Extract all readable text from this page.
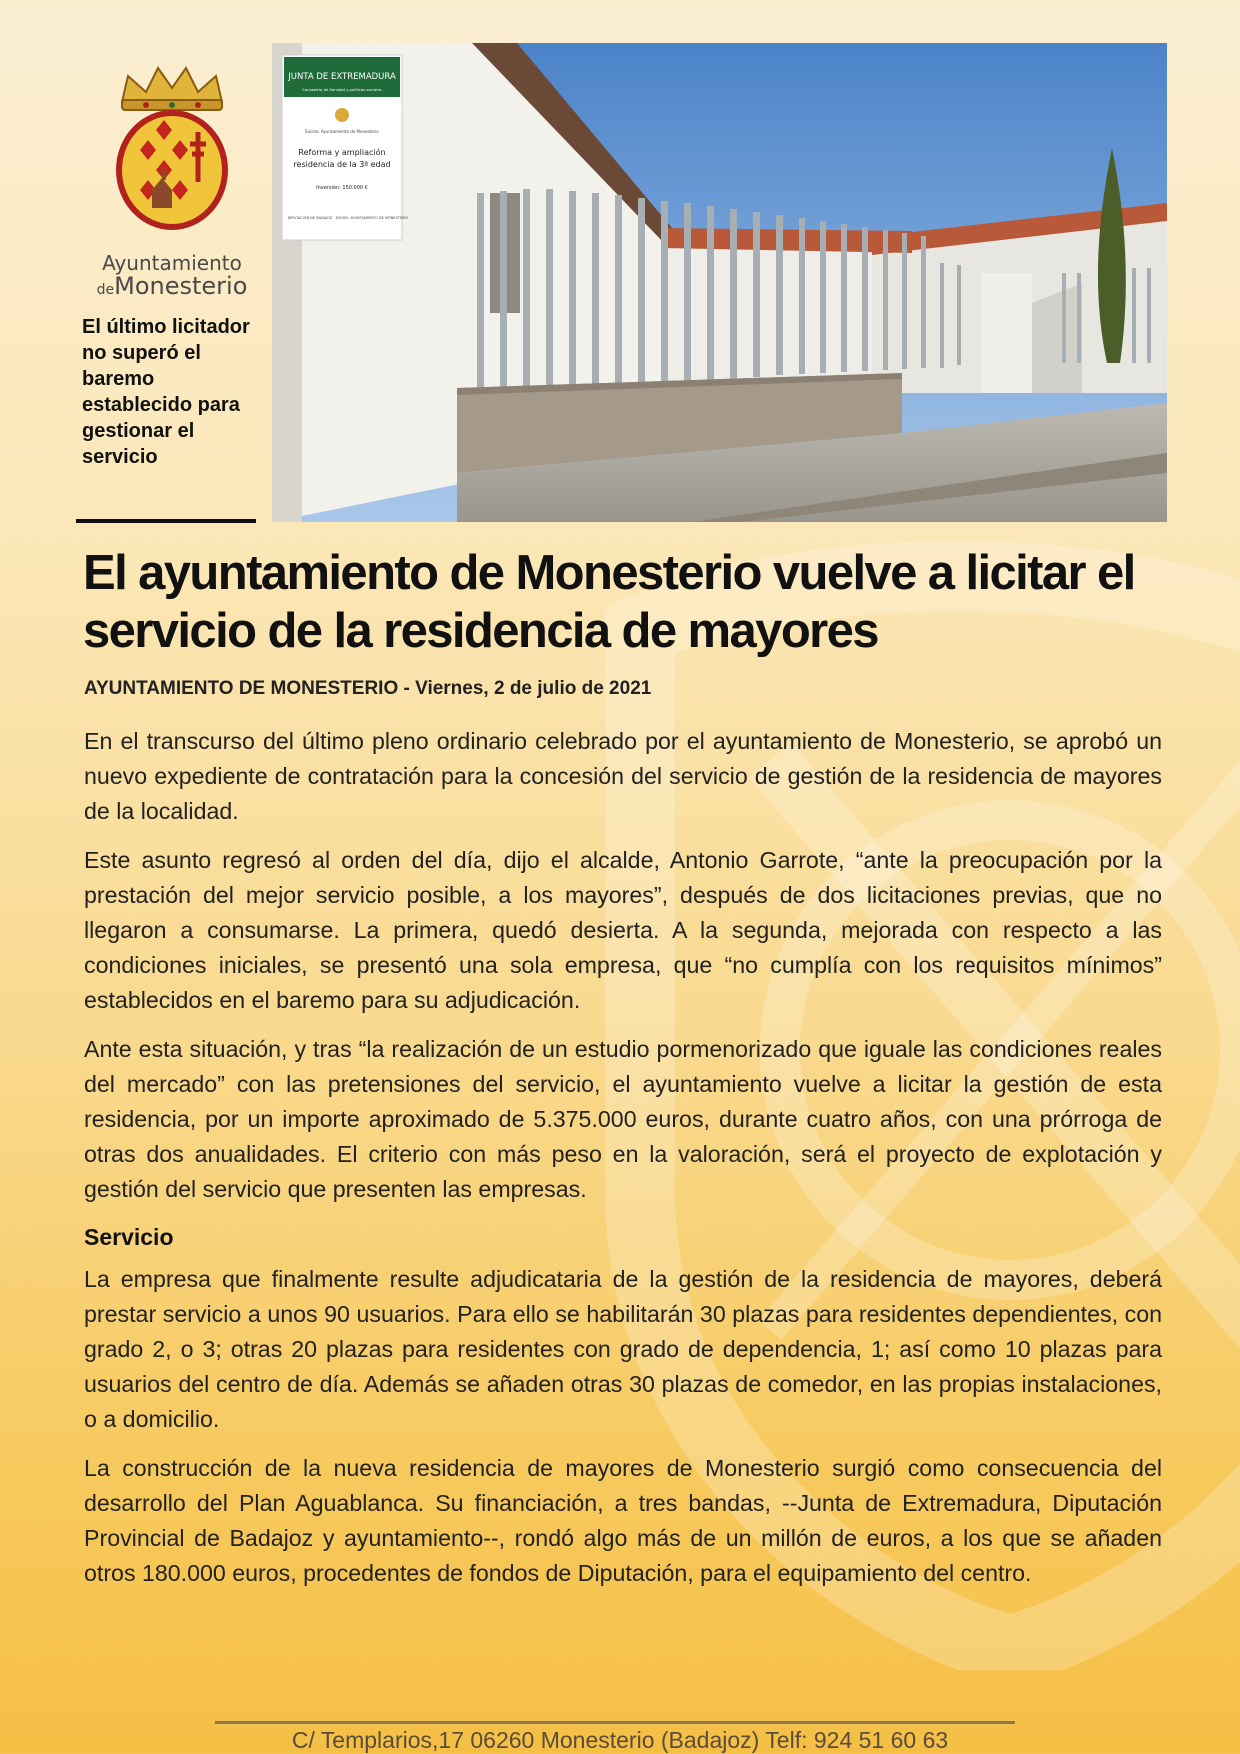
Ayuntamiento
deMonesterio
El último licitador no superó el baremo establecido para gestionar el servicio
JUNTA DE EXTREMADURA
Consejería de Sanidad y políticas sociales
Excmo. Ayuntamiento de Monesterio
Reforma y ampliación
residencia de la 3ª edad
Inversión: 150.000 €
DIPUTACIÓN DE BADAJOZ EXCMO. AYUNTAMIENTO DE MONESTERIO
El ayuntamiento de Monesterio vuelve a licitar el servicio de la residencia de mayores
AYUNTAMIENTO DE MONESTERIO - Viernes, 2 de julio de 2021

En el transcurso del último pleno ordinario celebrado por el ayuntamiento de Monesterio, se aprobó un nuevo expediente de contratación para la concesión del servicio de gestión de la residencia de mayores de la localidad.

Este asunto regresó al orden del día, dijo el alcalde, Antonio Garrote, “ante la preocupación por la prestación del mejor servicio posible, a los mayores”, después de dos licitaciones previas, que no llegaron a consumarse. La primera, quedó desierta. A la segunda, mejorada con respecto a las condiciones iniciales, se presentó una sola empresa, que “no cumplía con los requisitos mínimos” establecidos en el baremo para su adjudicación.

Ante esta situación, y tras “la realización de un estudio pormenorizado que iguale las condiciones reales del mercado” con las pretensiones del servicio, el ayuntamiento vuelve a licitar la gestión de esta residencia, por un importe aproximado de 5.375.000 euros, durante cuatro años, con una prórroga de otras dos anualidades. El criterio con más peso en la valoración, será el proyecto de explotación y gestión del servicio que presenten las empresas.

Servicio

La empresa que finalmente resulte adjudicataria de la gestión de la residencia de mayores, deberá prestar servicio a unos 90 usuarios. Para ello se habilitarán 30 plazas para residentes dependientes, con grado 2, o 3; otras 20 plazas para residentes con grado de dependencia, 1; así como 10 plazas para usuarios del centro de día. Además se añaden otras 30 plazas de comedor, en las propias instalaciones, o a domicilio.

La construcción de la nueva residencia de mayores de Monesterio surgió como consecuencia del desarrollo del Plan Aguablanca. Su financiación, a tres bandas, --Junta de Extremadura, Diputación Provincial de Badajoz y ayuntamiento--, rondó algo más de un millón de euros, a los que se añaden otros 180.000 euros, procedentes de fondos de Diputación, para el equipamiento del centro.

C/ Templarios,17 06260 Monesterio (Badajoz) Telf: 924 51 60 63
